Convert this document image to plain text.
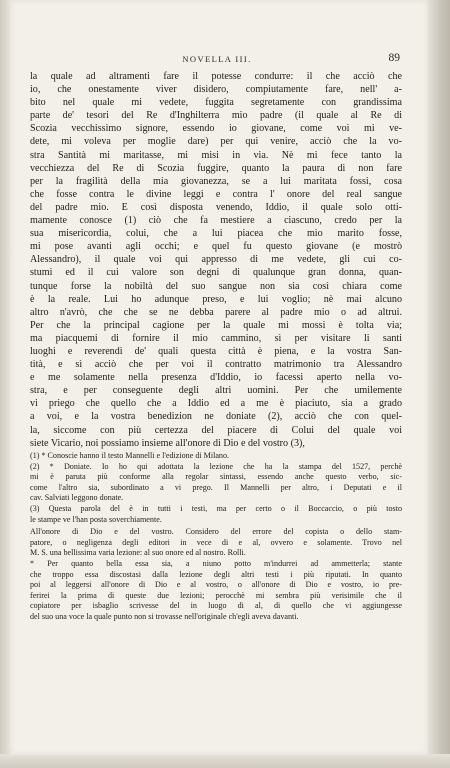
NOVELLA III.	89
la quale ad altramenti fare il potesse condurre: il che acciò che
io, che onestamente viver disidero, compiutamente fare, nell' a-
bito nel quale mi vedete, fuggita segretamente con grandissima
parte de' tesori del Re d'Inghilterra mio padre (il quale al Re di
Scozia vecchissimo signore, essendo io giovane, come voi mi ve-
dete, mi voleva per moglie dare) per qui venire, acciò che la vo-
stra Santità mi maritasse, mi misi in via. Nè mi fece tanto la
vecchiezza del Re di Scozia fuggire, quanto la paura di non fare
per la fragilità della mia giovanezza, se a lui maritata fossi, cosa
che fosse contra le divine leggi e contra l' onore del real sangue
del padre mio. E così disposta venendo, Iddio, il quale solo otti-
mamente conosce (1) ciò che fa mestiere a ciascuno, credo per la
sua misericordia, colui, che a lui piacea che mio marito fosse,
mi pose avanti agli occhi; e quel fu questo giovane (e mostrò
Alessandro), il quale voi qui appresso di me vedete, gli cui co-
stumi ed il cui valore son degni di qualunque gran donna, quan-
tunque forse la nobiltà del suo sangue non sia così chiara come
è la reale. Lui ho adunque preso, e lui voglio; nè mai alcuno
altro n'avrò, che che se ne debba parere al padre mio o ad altrui.
Per che la principal cagione per la quale mi mossi è tolta via;
ma piacquemi di fornire il mio cammino, sì per visitare li santi
luoghi e reverendi de' quali questa città è piena, e la vostra San-
tità, e sì acciò che per voi il contratto matrimonio tra Alessandro
e me solamente nella presenza d'Iddio, io facessi aperto nella vo-
stra, e per conseguente degli altri uomini. Per che umilemente
vi priego che quello che a Iddio ed a me è piaciuto, sia a grado
a voi, e la vostra benedizion ne doniate (2), acciò che con quel-
la, siccome con più certezza del piacere di Colui del quale voi
siete Vicario, noi possiamo insieme all'onore di Dio e del vostro (3),
(1) * Conoscie hanno il testo Mannelli e l'edizione di Milano.
(2) * Doniate. Io ho qui adottata la lezione che ha la stampa del 1527, perchè
mi è paruta più conforme alla regolar sintassi, essendo anche questo verbo, sic-
come l'altro sia, subordinato a vi prego. Il Mannelli per altro, i Deputati e il
cav. Salviati leggono donate.
(3) Questa parola del è in tutti i testi, ma per certo o il Boccaccio, o più tosto
le stampe ve l'han posta soverchiamente.
All'onore di Dio e del vostro. Considero del errore del copista o dello stam-
patore, o negligenza degli editori in vece di e al, ovvero e solamente. Trovo nel
M. S. una bellissima varia lezione: al suo onore ed al nostro. Rolli.
* Per quanto bella essa sia, a niuno potto m'indurrei ad ammetterla; stante
che troppo essa discostasi dalla lezione degli altri testi i più riputati. In quanto
poi al leggersi all'onore di Dio e al vostro, o all'onore di Dio e vostro, io pre-
ferirei la prima di queste due lezioni; perocchè mi sembra più verisimile che il
copiatore per isbaglio scrivesse del in luogo di al, di quello che vi aggiungesse
del suo una voce la quale punto non si trovasse nell'originale ch'egli aveva davanti.
